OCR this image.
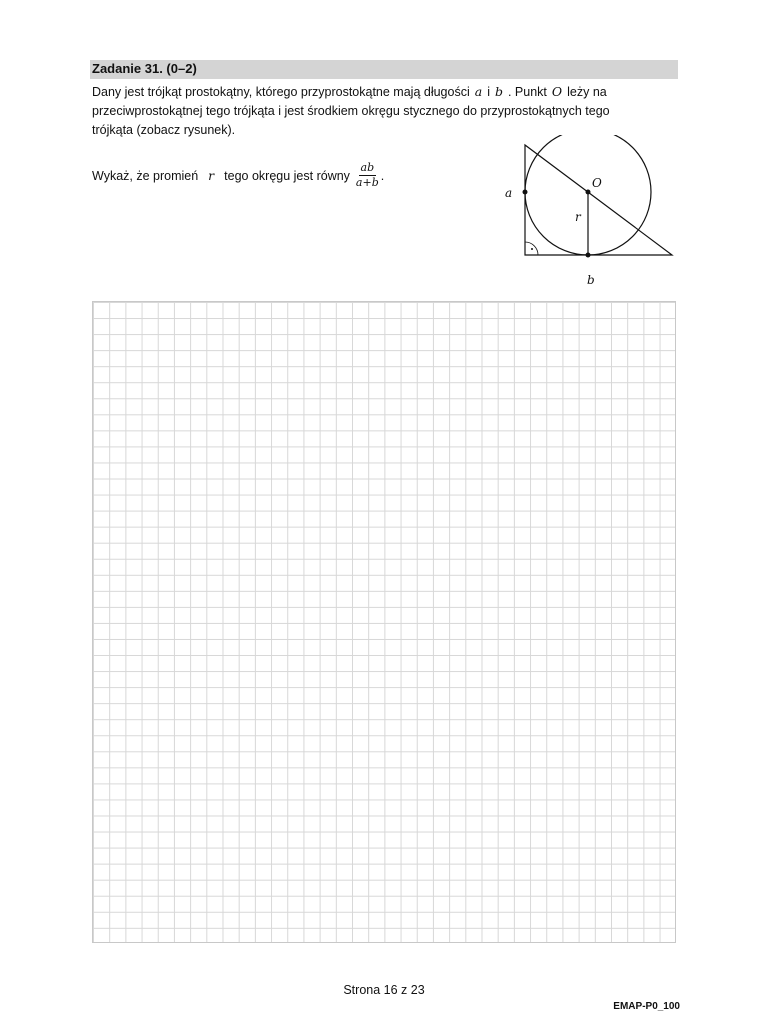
Zadanie 31. (0–2)
Dany jest trójkąt prostokątny, którego przyprostokątne mają długości a i b . Punkt O leży na
przeciwprostokątnej tego trójkąta i jest środkiem okręgu stycznego do przyprostokątnych tego
trójkąta (zobacz rysunek).
Wykaż, że promień r tego okręgu jest równy $\frac{ab}{a+b}$ .
a
O
r
b
Strona 16 z 23
EMAP-P0_100
